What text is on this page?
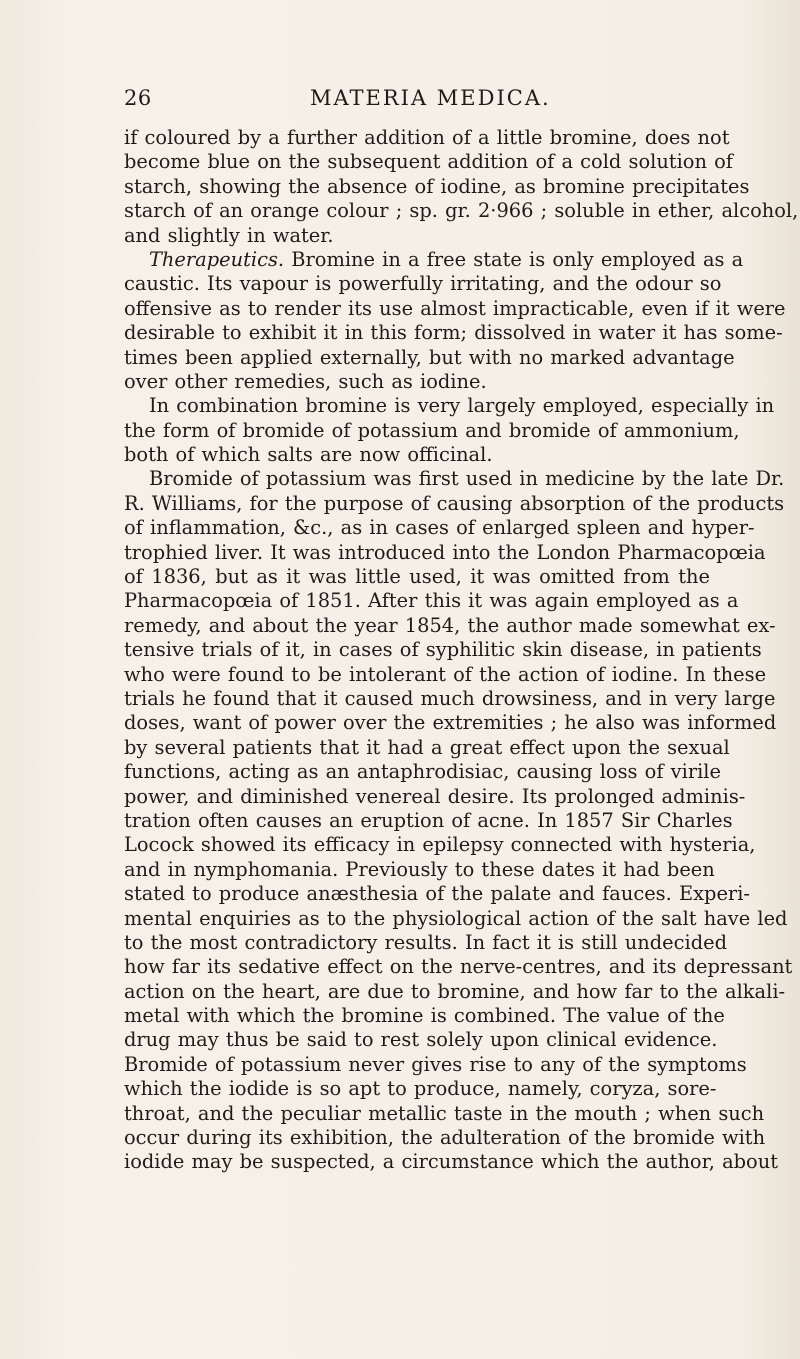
26	MATERIA MEDICA.
if coloured by a further addition of a little bromine, does not
become blue on the subsequent addition of a cold solution of
starch, showing the absence of iodine, as bromine precipitates
starch of an orange colour ; sp. gr. 2·966 ; soluble in ether, alcohol,
and slightly in water.
Therapeutics. Bromine in a free state is only employed as a
caustic. Its vapour is powerfully irritating, and the odour so
offensive as to render its use almost impracticable, even if it were
desirable to exhibit it in this form; dissolved in water it has some-
times been applied externally, but with no marked advantage
over other remedies, such as iodine.
In combination bromine is very largely employed, especially in
the form of bromide of potassium and bromide of ammonium,
both of which salts are now officinal.
Bromide of potassium was first used in medicine by the late Dr.
R. Williams, for the purpose of causing absorption of the products
of inflammation, &c., as in cases of enlarged spleen and hyper-
trophied liver. It was introduced into the London Pharmacopœia
of 1836, but as it was little used, it was omitted from the
Pharmacopœia of 1851. After this it was again employed as a
remedy, and about the year 1854, the author made somewhat ex-
tensive trials of it, in cases of syphilitic skin disease, in patients
who were found to be intolerant of the action of iodine. In these
trials he found that it caused much drowsiness, and in very large
doses, want of power over the extremities ; he also was informed
by several patients that it had a great effect upon the sexual
functions, acting as an antaphrodisiac, causing loss of virile
power, and diminished venereal desire. Its prolonged adminis-
tration often causes an eruption of acne. In 1857 Sir Charles
Locock showed its efficacy in epilepsy connected with hysteria,
and in nymphomania. Previously to these dates it had been
stated to produce anæsthesia of the palate and fauces. Experi-
mental enquiries as to the physiological action of the salt have led
to the most contradictory results. In fact it is still undecided
how far its sedative effect on the nerve-centres, and its depressant
action on the heart, are due to bromine, and how far to the alkali-
metal with which the bromine is combined. The value of the
drug may thus be said to rest solely upon clinical evidence.
Bromide of potassium never gives rise to any of the symptoms
which the iodide is so apt to produce, namely, coryza, sore-
throat, and the peculiar metallic taste in the mouth ; when such
occur during its exhibition, the adulteration of the bromide with
iodide may be suspected, a circumstance which the author, about
